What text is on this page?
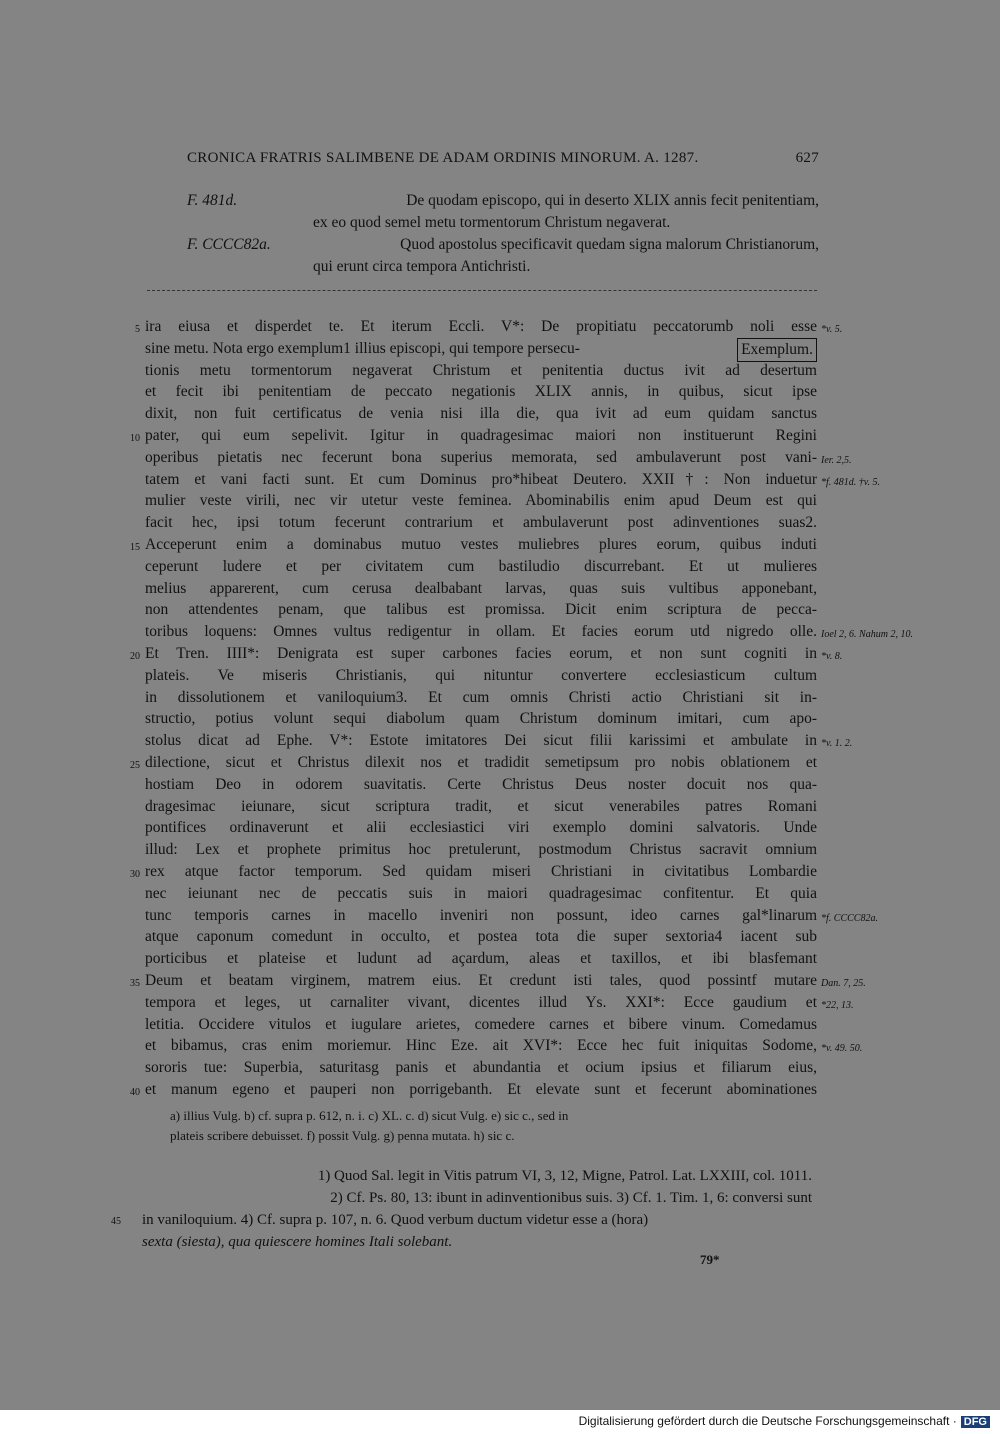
CRONICA FRATRIS SALIMBENE DE ADAM ORDINIS MINORUM. A. 1287.	627
F. 481d.	De quodam episcopo, qui in deserto XLIX annis fecit penitentiam,
ex eo quod semel metu tormentorum Christum negaverat.
F. CCCC82a.	Quod apostolus specificavit quedam signa malorum Christianorum,
qui erunt circa tempora Antichristi.
5 ira eiusa et disperdet te. Et iterum Eccli. V*: De propitiatu peccatorumb noli esse *v. 5.
sine metu. Nota ergo exemplum1 illius episcopi, qui tempore persecu-	Exemplum.
tionis metu tormentorum negaverat Christum et penitentia ductus ivit ad desertum
et fecit ibi penitentiam de peccato negationis XLIX annis, in quibus, sicut ipse
dixit, non fuit certificatus de venia nisi illa die, qua ivit ad eum quidam sanctus
10 pater, qui eum sepelivit. Igitur in quadragesimac maiori non instituerunt Regini
operibus pietatis nec fecerunt bona superius memorata, sed ambulaverunt post vani- Ier. 2,5.
tatem et vani facti sunt. Et cum Dominus pro*hibeat Deutero. XXII†: Non induetur *f. 481d. †v. 5.
mulier veste virili, nec vir utetur veste feminea. Abominabilis enim apud Deum est qui
facit hec, ipsi totum fecerunt contrarium et ambulaverunt post adinventiones suas2.
15 Acceperunt enim a dominabus mutuo vestes muliebres plures eorum, quibus induti
ceperunt ludere et per civitatem cum bastiludio discurrebant. Et ut mulieres
melius apparerent, cum cerusa dealbabant larvas, quas suis vultibus apponebant,
non attendentes penam, que talibus est promissa. Dicit enim scriptura de pecca-
toribus loquens: Omnes vultus redigentur in ollam. Et facies eorum utd nigredo olle. Ioel 2, 6. Nahum 2, 10.
20 Et Tren. IIII*: Denigrata est super carbones facies eorum, et non sunt cogniti in *v. 8.
plateis. Ve miseris Christianis, qui nituntur convertere ecclesiasticum cultum
in dissolutionem et vaniloquium3. Et cum omnis Christi actio Christiani sit in-
structio, potius volunt sequi diabolum quam Christum dominum imitari, cum apo-
stolus dicat ad Ephe. V*: Estote imitatores Dei sicut filii karissimi et ambulate in *v. 1. 2.
25 dilectione, sicut et Christus dilexit nos et tradidit semetipsum pro nobis oblationem et
hostiam Deo in odorem suavitatis. Certe Christus Deus noster docuit nos qua-
dragesimac ieiunare, sicut scriptura tradit, et sicut venerabiles patres Romani
pontifices ordinaverunt et alii ecclesiastici viri exemplo domini salvatoris. Unde
illud: Lex et prophete primitus hoc pretulerunt, postmodum Christus sacravit omnium
30 rex atque factor temporum. Sed quidam miseri Christiani in civitatibus Lombardie
nec ieiunant nec de peccatis suis in maiori quadragesimac confitentur. Et quia
tunc temporis carnes in macello inveniri non possunt, ideo carnes gal*linarum *f. CCCC82a.
atque caponum comedunt in occulto, et postea tota die super sextoria4 iacent sub
porticibus et plateise et ludunt ad açardum, aleas et taxillos, et ibi blasfemant
35 Deum et beatam virginem, matrem eius. Et credunt isti tales, quod possintf mutare Dan. 7, 25.
tempora et leges, ut carnaliter vivant, dicentes illud Ys. XXI*: Ecce gaudium et *22, 13.
letitia. Occidere vitulos et iugulare arietes, comedere carnes et bibere vinum. Comedamus
et bibamus, cras enim moriemur. Hinc Eze. ait XVI*: Ecce hec fuit iniquitas Sodome, *v. 49. 50.
sororis tue: Superbia, saturitasg panis et abundantia et ocium ipsius et filiarum eius,
40 et manum egeno et pauperi non porrigebanth. Et elevate sunt et fecerunt abominationes
a) illius Vulg. b) cf. supra p. 612, n. i. c) XL. c. d) sicut Vulg. e) sic c., sed in
plateis scribere debuisset. f) possit Vulg. g) penna mutata. h) sic c.
45
1) Quod Sal. legit in Vitis patrum VI, 3, 12, Migne, Patrol. Lat. LXXIII, col. 1011.
2) Cf. Ps. 80, 13: ibunt in adinventionibus suis. 3) Cf. 1. Tim. 1, 6: conversi sunt
in vaniloquium. 4) Cf. supra p. 107, n. 6. Quod verbum ductum videtur esse a (hora)
sexta (siesta), qua quiescere homines Itali solebant.
79*
Digitalisierung gefördert durch die Deutsche Forschungsgemeinschaft · DFG
